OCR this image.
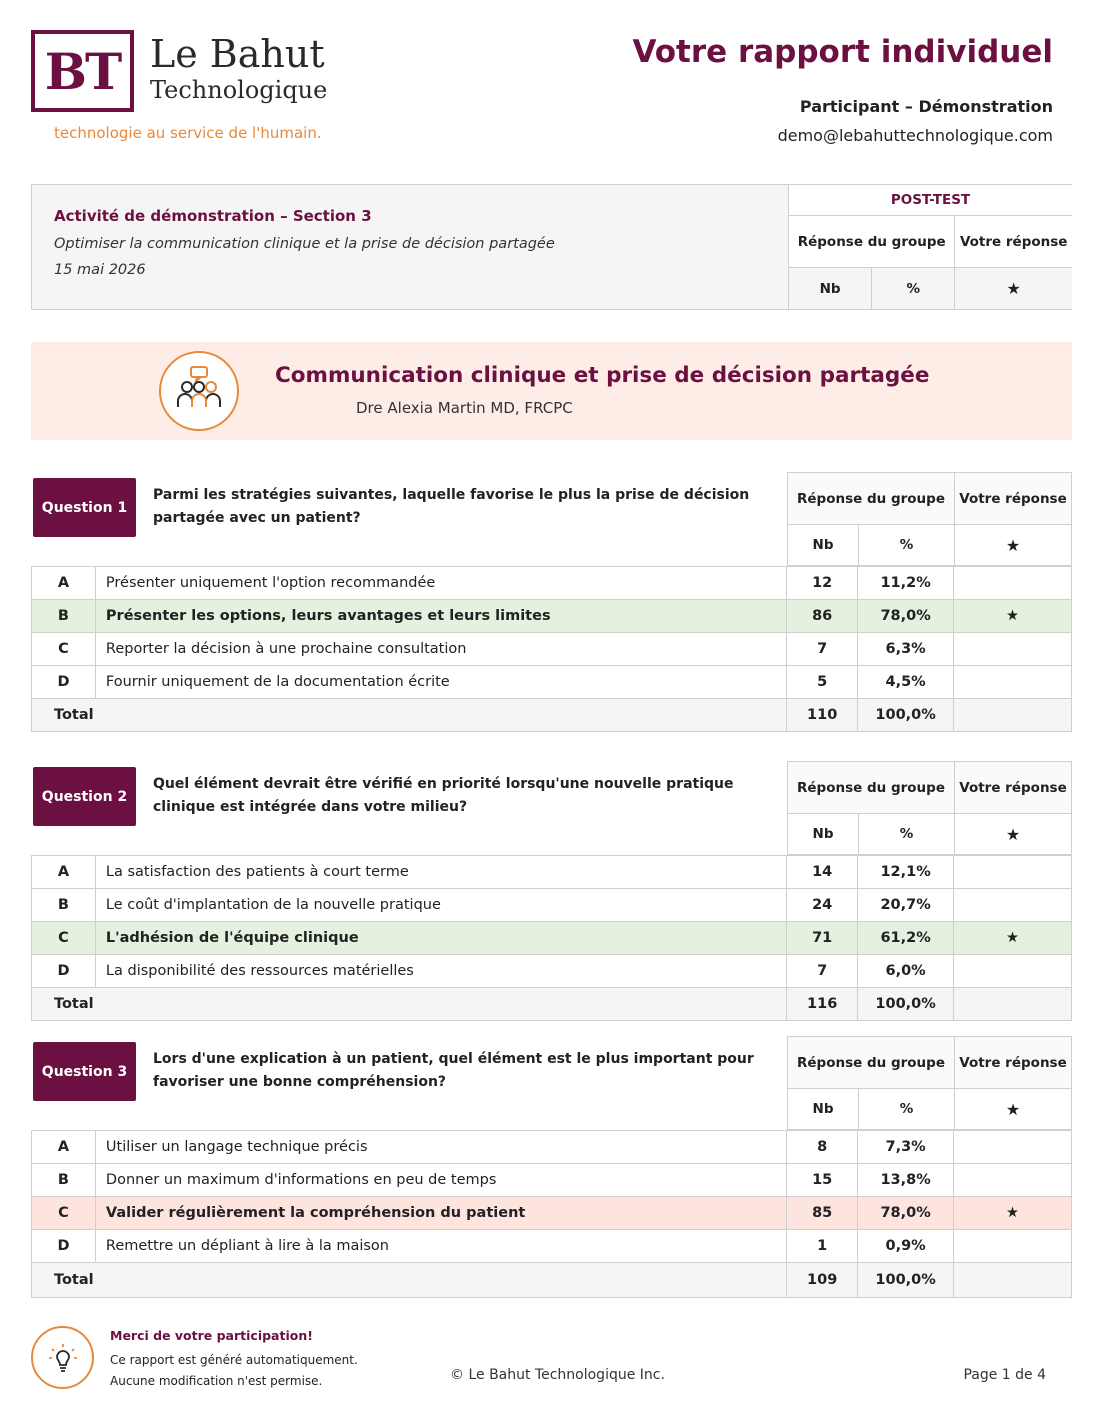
BT Le Bahut
Technologique
technologie au service de l'humain.
Votre rapport individuel
Participant – Démonstration
demo@lebahuttechnologique.com
Activité de démonstration – Section 3
Optimiser la communication clinique et la prise de décision partagée
15 mai 2026
POST-TEST
Réponse du groupe	Votre réponse
Nb	%	★
Communication clinique et prise de décision partagée
Dre Alexia Martin MD, FRCPC
Question 1
Parmi les stratégies suivantes, laquelle favorise le plus la prise de décision partagée avec un patient?
Réponse du groupe	Votre réponse
Nb	%	★
A	Présenter uniquement l'option recommandée	12	11,2%	
B	Présenter les options, leurs avantages et leurs limites	86	78,0%	★
C	Reporter la décision à une prochaine consultation	7	6,3%	
D	Fournir uniquement de la documentation écrite	5	4,5%	
Total		110	100,0%	
Question 2
Quel élément devrait être vérifié en priorité lorsqu'une nouvelle pratique clinique est intégrée dans votre milieu?
Réponse du groupe	Votre réponse
Nb	%	★
A	La satisfaction des patients à court terme	14	12,1%	
B	Le coût d'implantation de la nouvelle pratique	24	20,7%	
C	L'adhésion de l'équipe clinique	71	61,2%	★
D	La disponibilité des ressources matérielles	7	6,0%	
Total		116	100,0%	
Question 3
Lors d'une explication à un patient, quel élément est le plus important pour favoriser une bonne compréhension?
Réponse du groupe	Votre réponse
Nb	%	★
A	Utiliser un langage technique précis	8	7,3%	
B	Donner un maximum d'informations en peu de temps	15	13,8%	
C	Valider régulièrement la compréhension du patient	85	78,0%	★
D	Remettre un dépliant à lire à la maison	1	0,9%	
Total		109	100,0%	
Merci de votre participation!
Ce rapport est généré automatiquement.
Aucune modification n'est permise.	© Le Bahut Technologique Inc.	Page 1 de 4
